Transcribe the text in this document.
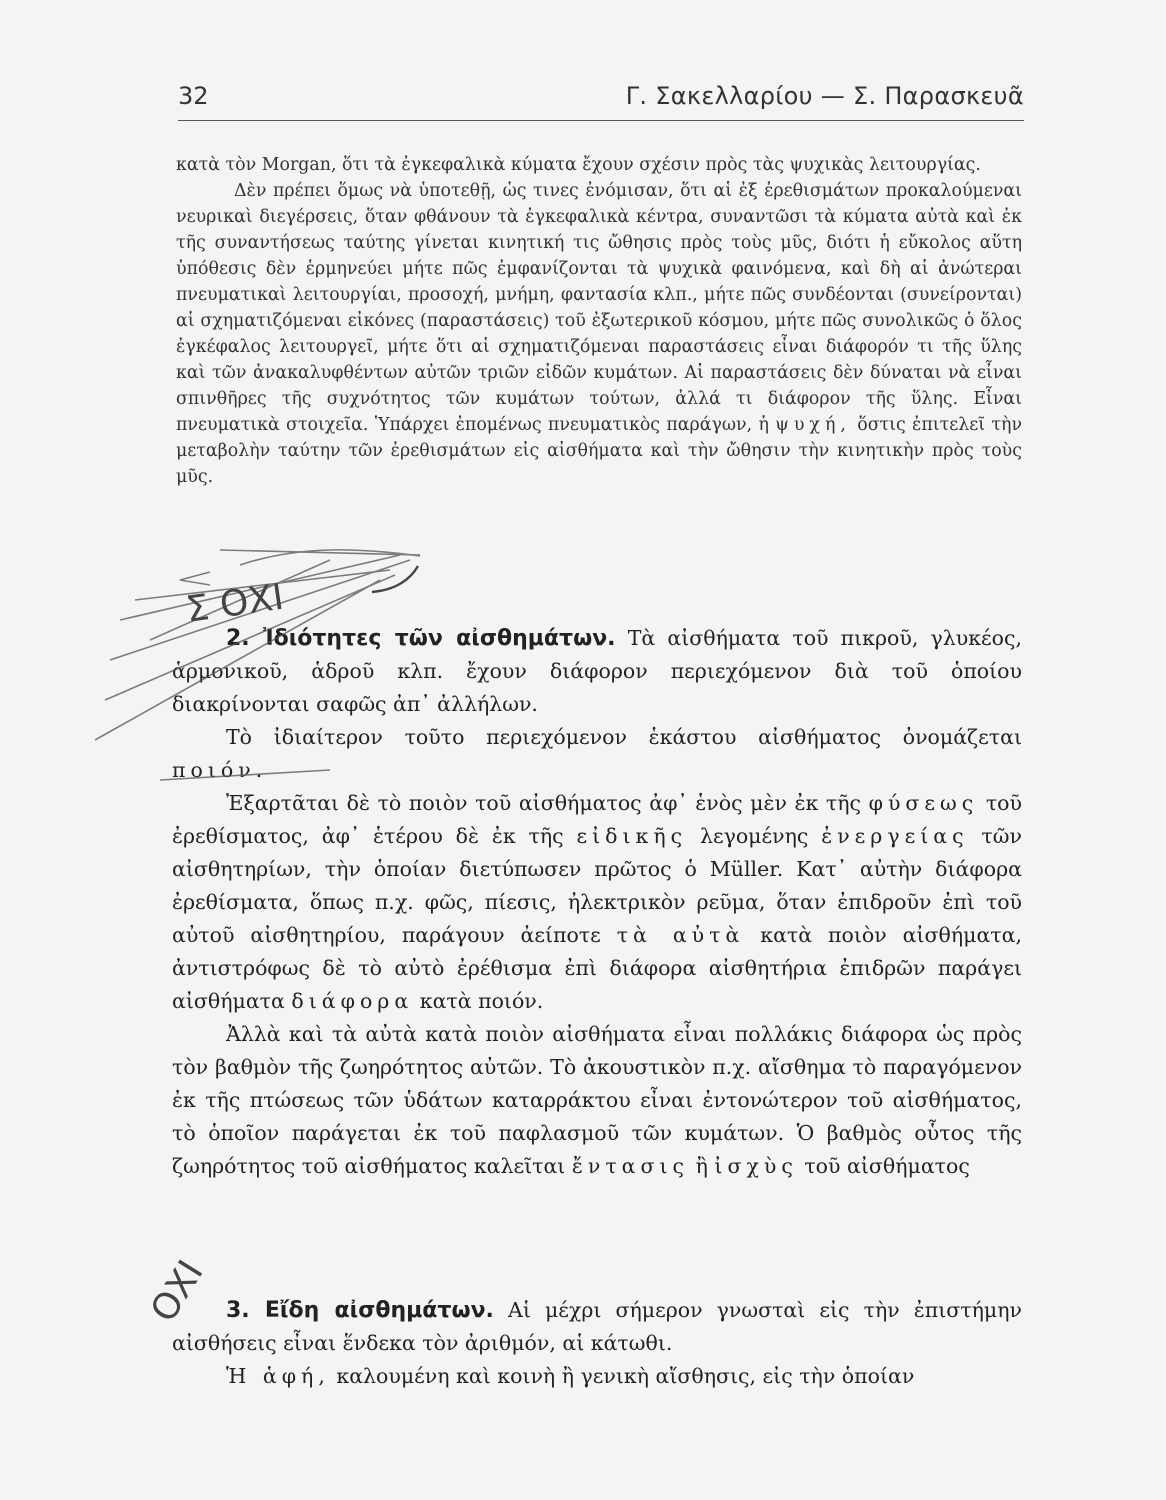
32	Γ. Σακελλαρίου — Σ. Παρασκευᾶ

κατὰ τὸν Morgan, ὅτι τὰ ἐγκεφαλικὰ κύματα ἔχουν σχέσιν πρὸς τὰς ψυχικὰς λειτουργίας.

Δὲν πρέπει ὅμως νὰ ὑποτεθῇ, ὡς τινες ἐνόμισαν, ὅτι αἱ ἐξ ἐρεθισμάτων προκαλούμεναι νευρικαὶ διεγέρσεις, ὅταν φθάνουν τὰ ἐγκεφαλικὰ κέντρα, συναντῶσι τὰ κύματα αὐτὰ καὶ ἐκ τῆς συναντήσεως ταύτης γίνεται κινητική τις ὤθησις πρὸς τοὺς μῦς, διότι ἡ εὔκολος αὕτη ὑπόθεσις δὲν ἑρμηνεύει μήτε πῶς ἐμφανίζονται τὰ ψυχικὰ φαινόμενα, καὶ δὴ αἱ ἀνώτεραι πνευματικαὶ λειτουργίαι, προσοχή, μνήμη, φαντασία κλπ., μήτε πῶς συνδέονται (συνείρονται) αἱ σχηματιζόμεναι εἰκόνες (παραστάσεις) τοῦ ἐξωτερικοῦ κόσμου, μήτε πῶς συνολικῶς ὁ ὅλος ἐγκέφαλος λειτουργεῖ, μήτε ὅτι αἱ σχηματιζόμεναι παραστάσεις εἶναι διάφορόν τι τῆς ὕλης καὶ τῶν ἀνακαλυφθέντων αὐτῶν τριῶν εἰδῶν κυμάτων. Αἱ παραστάσεις δὲν δύναται νὰ εἶναι σπινθῆρες τῆς συχνότητος τῶν κυμάτων τούτων, ἀλλά τι διάφορον τῆς ὕλης. Εἶναι πνευματικὰ στοιχεῖα. Ὑπάρχει ἑπομένως πνευματικὸς παράγων, ἡ ψυχή, ὅστις ἐπιτελεῖ τὴν μεταβολὴν ταύτην τῶν ἐρεθισμάτων εἰς αἰσθήματα καὶ τὴν ὤθησιν τὴν κινητικὴν πρὸς τοὺς μῦς.

2. Ἰδιότητες τῶν αἰσθημάτων. Τὰ αἰσθήματα τοῦ πικροῦ, γλυκέος, ἁρμονικοῦ, ἁδροῦ κλπ. ἔχουν διάφορον περιεχόμενον διὰ τοῦ ὁποίου διακρίνονται σαφῶς ἀπ᾿ ἀλλήλων.

Τὸ ἰδιαίτερον τοῦτο περιεχόμενον ἑκάστου αἰσθήματος ὀνομάζεται ποιόν.

Ἐξαρτᾶται δὲ τὸ ποιὸν τοῦ αἰσθήματος ἀφ᾿ ἑνὸς μὲν ἐκ τῆς φύσεως τοῦ ἐρεθίσματος, ἀφ᾿ ἑτέρου δὲ ἐκ τῆς εἰδικῆς λεγομένης ἐνεργείας τῶν αἰσθητηρίων, τὴν ὁποίαν διετύπωσεν πρῶτος ὁ Müller. Κατ᾿ αὐτὴν διάφορα ἐρεθίσματα, ὅπως π.χ. φῶς, πίεσις, ἠλεκτρικὸν ρεῦμα, ὅταν ἐπιδροῦν ἐπὶ τοῦ αὐτοῦ αἰσθητηρίου, παράγουν ἀείποτε τὰ αὐτὰ κατὰ ποιὸν αἰσθήματα, ἀντιστρόφως δὲ τὸ αὐτὸ ἐρέθισμα ἐπὶ διάφορα αἰσθητήρια ἐπιδρῶν παράγει αἰσθήματα διάφορα κατὰ ποιόν.

Ἀλλὰ καὶ τὰ αὐτὰ κατὰ ποιὸν αἰσθήματα εἶναι πολλάκις διάφορα ὡς πρὸς τὸν βαθμὸν τῆς ζωηρότητος αὐτῶν. Τὸ ἀκουστικὸν π.χ. αἴσθημα τὸ παραγόμενον ἐκ τῆς πτώσεως τῶν ὑδάτων καταρράκτου εἶναι ἐντονώτερον τοῦ αἰσθήματος, τὸ ὁποῖον παράγεται ἐκ τοῦ παφλασμοῦ τῶν κυμάτων. Ὁ βαθμὸς οὗτος τῆς ζωηρότητος τοῦ αἰσθήματος καλεῖται ἔντασις ἢ ἰσχὺς τοῦ αἰσθήματος

3. Εἴδη αἰσθημάτων. Αἱ μέχρι σήμερον γνωσταὶ εἰς τὴν ἐπιστήμην αἰσθήσεις εἶναι ἕνδεκα τὸν ἀριθμόν, αἱ κάτωθι.

Ἡ ἁφή, καλουμένη καὶ κοινὴ ἢ γενικὴ αἴσθησις, εἰς τὴν ὁποίαν

Σ ΟΧΙ
ΟΧΙ
